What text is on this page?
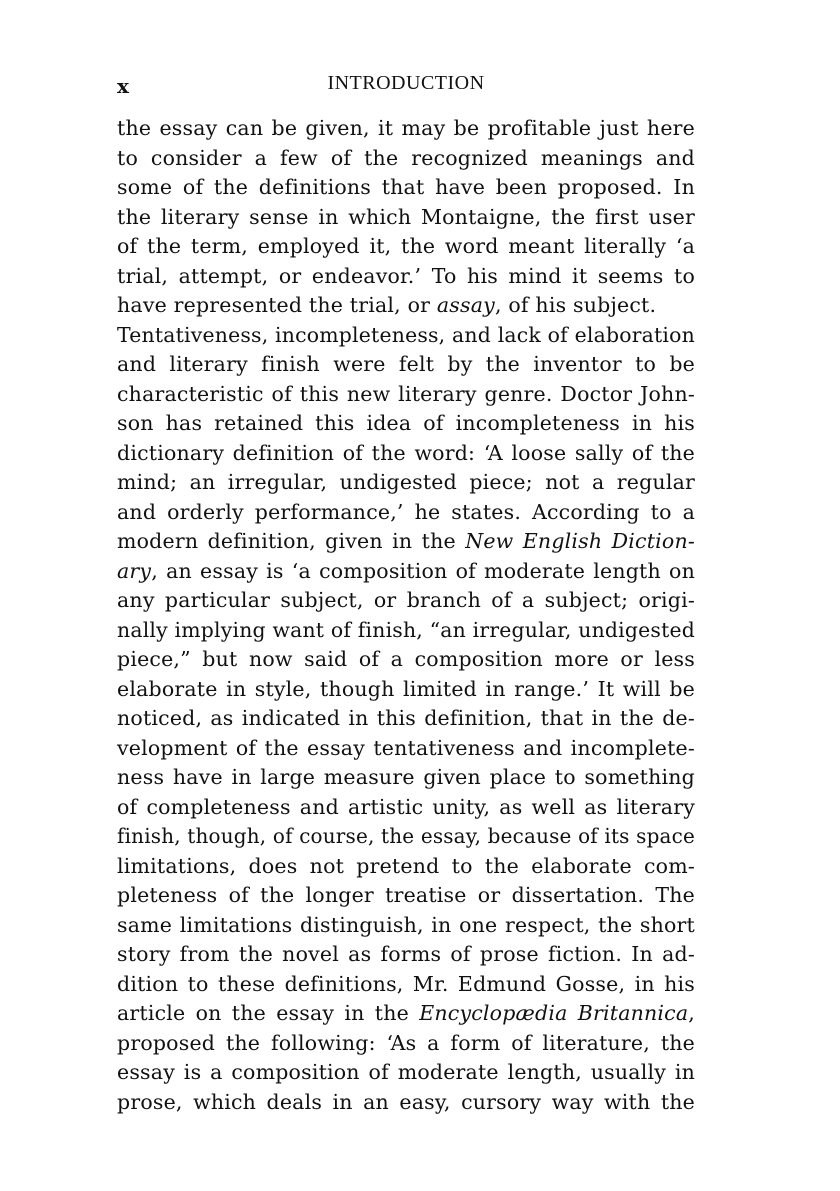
x	INTRODUCTION
the essay can be given, it may be profitable just here
to consider a few of the recognized meanings and
some of the definitions that have been proposed. In
the literary sense in which Montaigne, the first user
of the term, employed it, the word meant literally ‘a
trial, attempt, or endeavor.’ To his mind it seems to
have represented the trial, or assay, of his subject.
Tentativeness, incompleteness, and lack of elaboration
and literary finish were felt by the inventor to be
characteristic of this new literary genre. Doctor John-
son has retained this idea of incompleteness in his
dictionary definition of the word: ‘A loose sally of the
mind; an irregular, undigested piece; not a regular
and orderly performance,’ he states. According to a
modern definition, given in the New English Diction-
ary, an essay is ‘a composition of moderate length on
any particular subject, or branch of a subject; origi-
nally implying want of finish, “an irregular, undigested
piece,” but now said of a composition more or less
elaborate in style, though limited in range.’ It will be
noticed, as indicated in this definition, that in the de-
velopment of the essay tentativeness and incomplete-
ness have in large measure given place to something
of completeness and artistic unity, as well as literary
finish, though, of course, the essay, because of its space
limitations, does not pretend to the elaborate com-
pleteness of the longer treatise or dissertation. The
same limitations distinguish, in one respect, the short
story from the novel as forms of prose fiction. In ad-
dition to these definitions, Mr. Edmund Gosse, in his
article on the essay in the Encyclopædia Britannica,
proposed the following: ‘As a form of literature, the
essay is a composition of moderate length, usually in
prose, which deals in an easy, cursory way with the
